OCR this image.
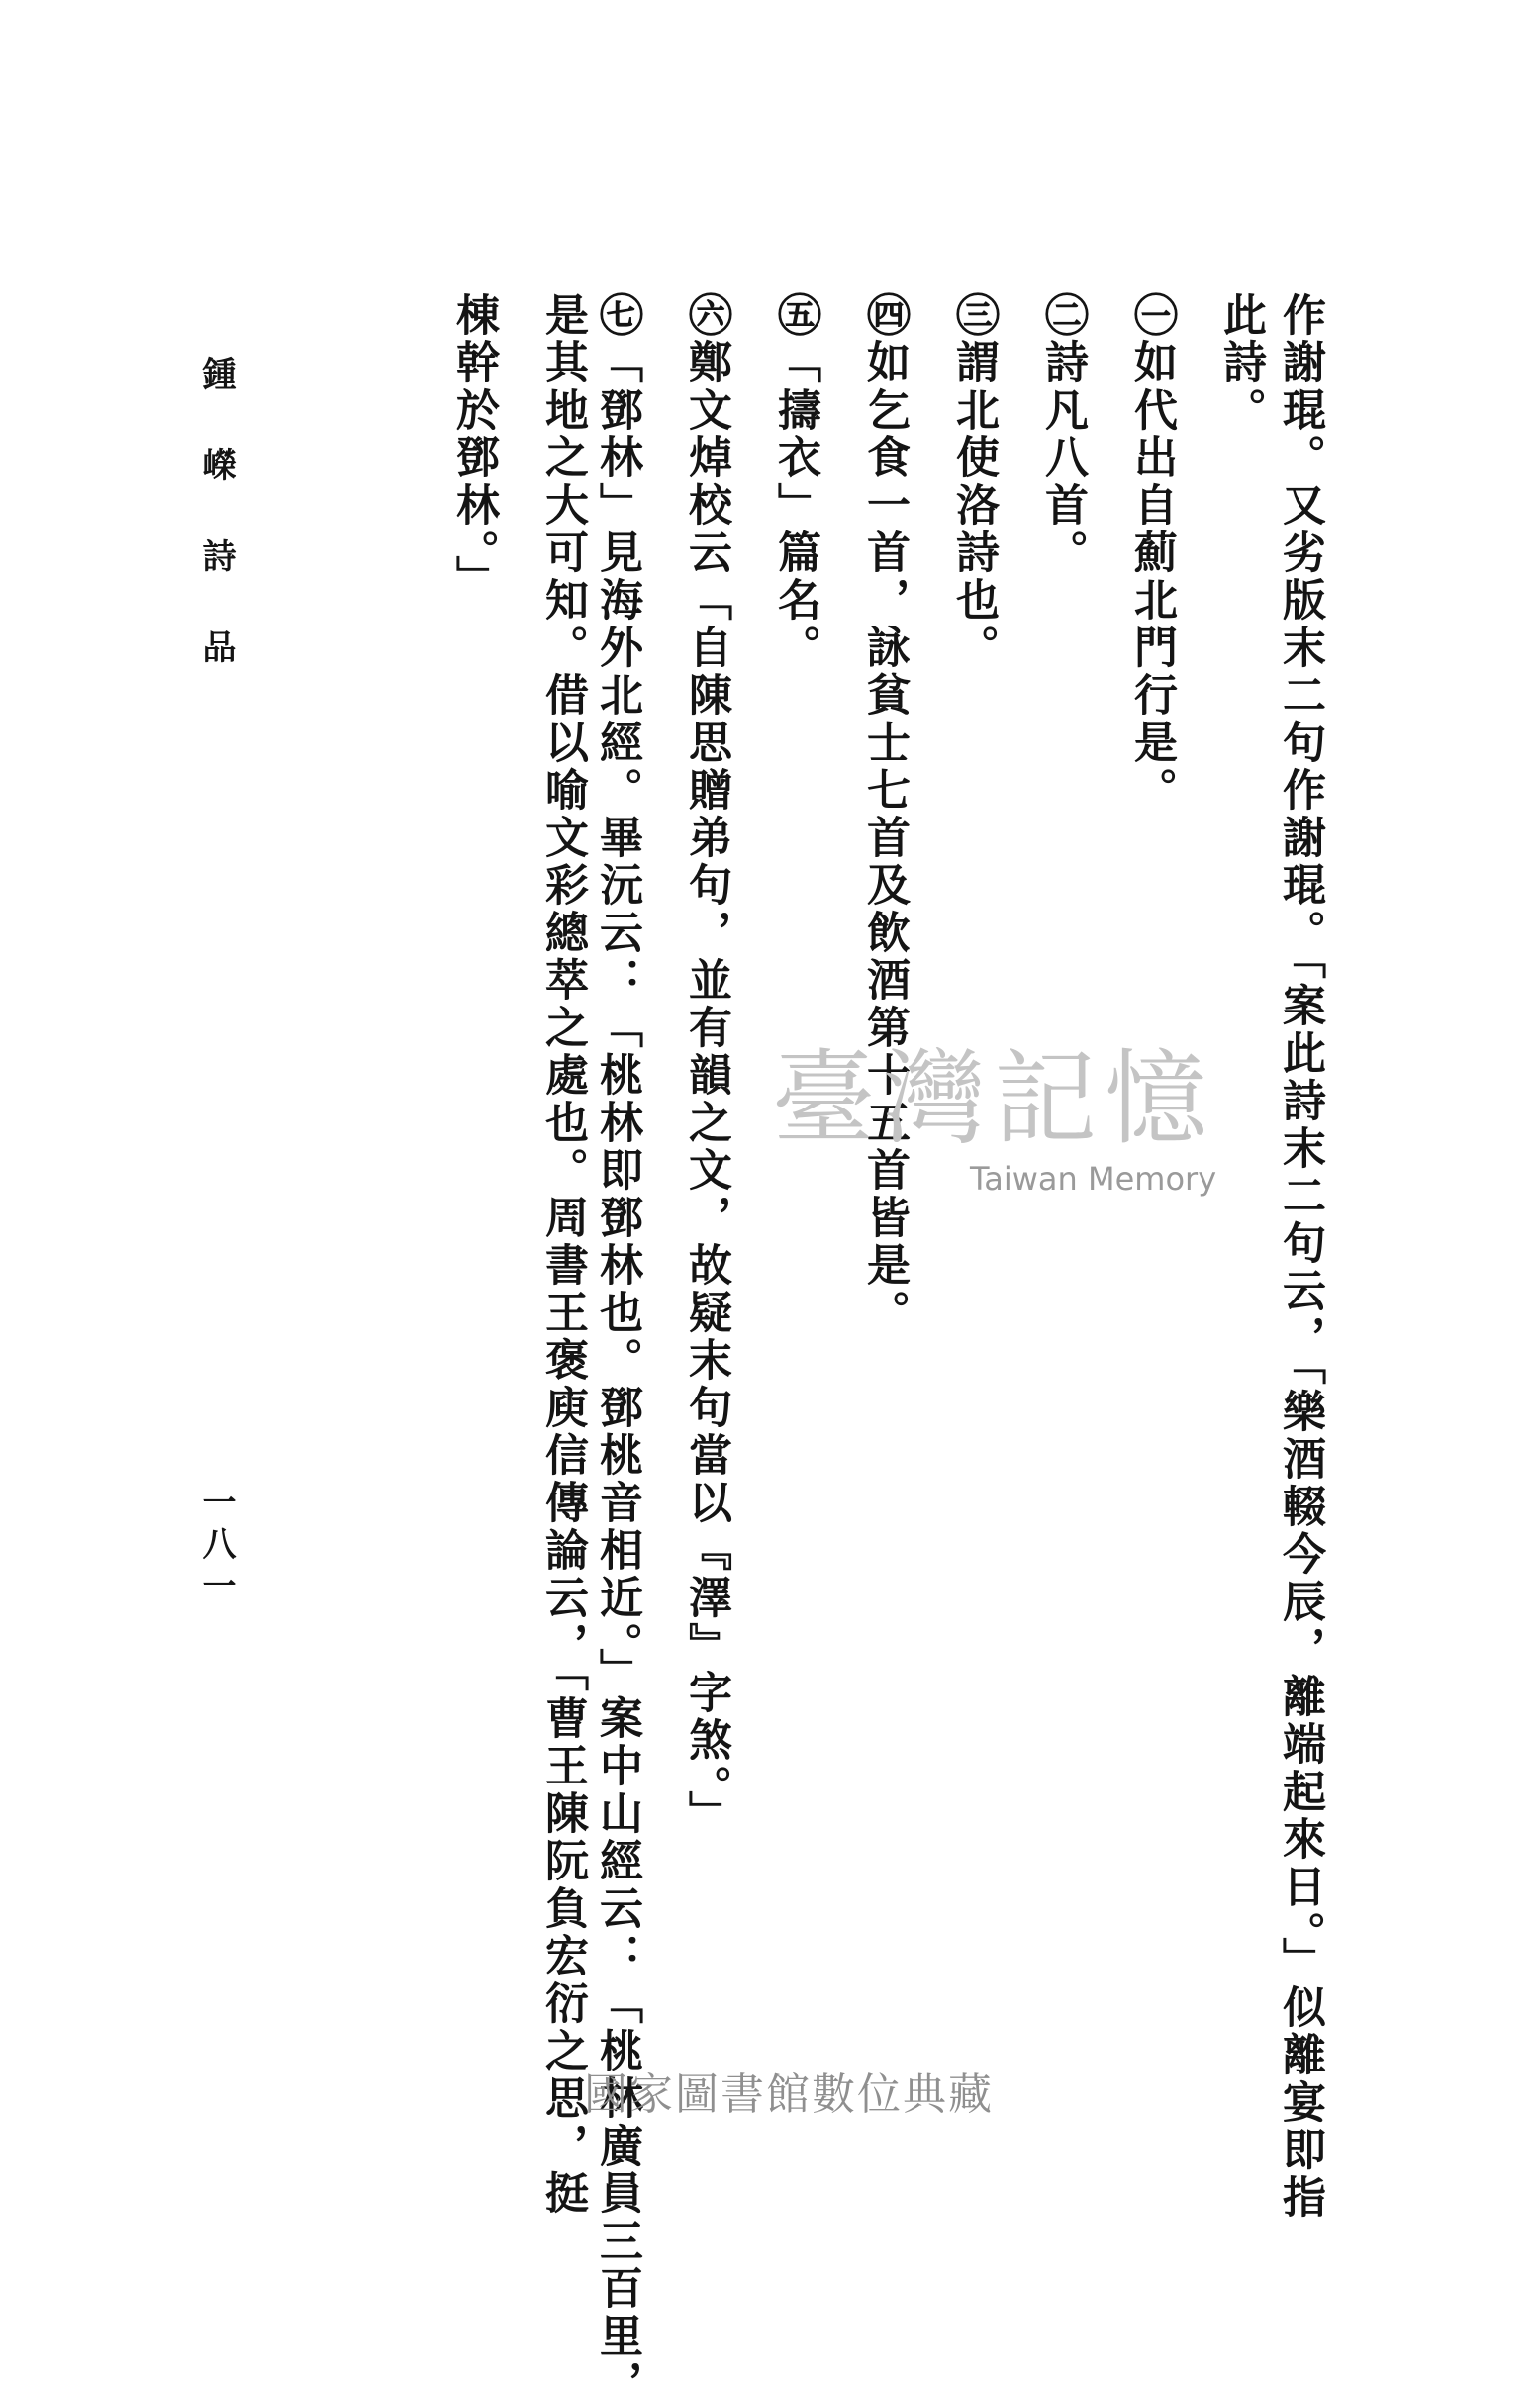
作謝琨。又劣版末二句作謝琨。「案此詩末二句云，「樂酒輟今辰，離端起來日。」似離宴即指
此詩。
㊀如代出自薊北門行是。
㊁詩凡八首。
㊂謂北使洛詩也。
㊃如乞食一首，詠貧士七首及飲酒第十五首皆是。
㊄「擣衣」篇名。
㊅鄭文焯校云「自陳思贈弟句，並有韻之文，故疑末句當以『澤』字煞。」
㊆「鄧林」見海外北經。畢沅云：「桃林即鄧林也。鄧桃音相近。」案中山經云：「桃林廣員三百里，
是其地之大可知。借以喻文彩總萃之處也。周書王褒庾信傳論云，「曹王陳阮負宏衍之思，挺
棟幹於鄧林。」
鍾嶸詩品
一八一
臺灣記憶
Taiwan Memory
國家圖書館數位典藏
